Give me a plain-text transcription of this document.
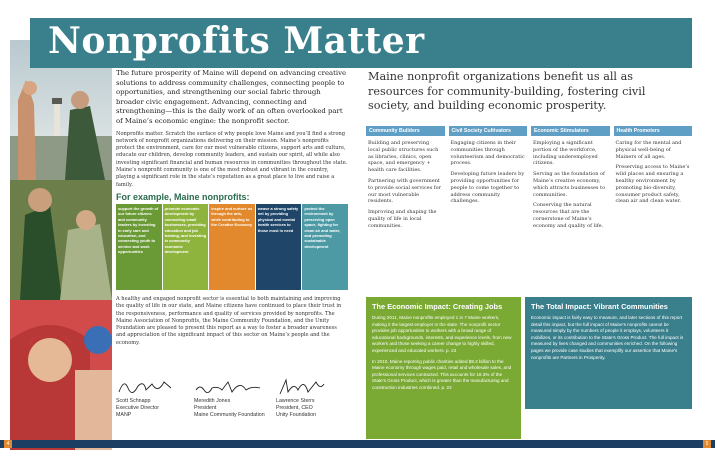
Nonprofits Matter

The future prosperity of Maine will depend on advancing creative solutions to address community challenges, connecting people to opportunities, and strengthening our social fabric through broader civic engagement. Advancing, connecting and strengthening—this is the daily work of an often overlooked part of Maine’s economic engine: the nonprofit sector.

Nonprofits matter. Scratch the surface of why people love Maine and you’ll find a strong network of nonprofit organizations delivering on their mission. Maine’s nonprofits protect the environment, care for our most vulnerable citizens, support arts and culture, educate our children, develop community leaders, and sustain our spirit, all while also investing significant financial and human resources in communities throughout the state. Maine’s nonprofit community is one of the most robust and vibrant in the country, playing a significant role in the state’s reputation as a great place to live and raise a family.

For example, Maine nonprofits:
support the growth of our future citizens and community leaders by investing in early care and education, and connecting youth to service and work opportunities
promote economic development by connecting small businesses, providing education and job training, and investing in community economic development
inspire and nurture us through the arts, while contributing to the Creative Economy
weave a strong safety net by providing physical and mental health services to those most in need
protect the environment by preserving open space, fighting for clean air and water, and promoting sustainable development

A healthy and engaged nonprofit sector is essential to both maintaining and improving the quality of life in our state, and Maine citizens have continued to place their trust in the responsiveness, performance and quality of services provided by nonprofits. The Maine Association of Nonprofits, the Maine Community Foundation, and the Unity Foundation are pleased to present this report as a way to foster a broader awareness and appreciation of the significant impact of this sector on Maine’s people and the economy.

Scott Schnapp
Executive Director
MANP
Meredith Jones
President
Maine Community Foundation
Lawrence Sterrs
President, CEO
Unity Foundation
Maine nonprofit organizations benefit us all as resources for community-building, fostering civil society, and building economic prosperity.
Community Builders

Building and preserving local public structures such as libraries, clinics, open space, and emergency + health care facilities.

Partnering with government to provide social services for our most vulnerable residents.

Improving and shaping the quality of life in local communities.

Civil Society Cultivators

Engaging citizens in their communities through volunteerism and democratic process.

Developing future leaders by providing opportunities for people to come together to address community challenges.

Economic Stimulators

Employing a significant portion of the workforce, including underemployed citizens.

Serving as the foundation of Maine’s creative economy, which attracts businesses to communities.

Conserving the natural resources that are the cornerstone of Maine’s economy and quality of life.

Health Promoters

Caring for the mental and physical well-being of Mainers of all ages.

Preserving access to Maine’s wild places and ensuring a healthy environment by promoting bio-diversity, consumer product safety, clean air and clean water.

The Economic Impact: Creating Jobs

During 2011, Maine nonprofits employed 1 in 7 Maine workers, making it the largest employer in the state. The nonprofit sector provides job opportunities to workers with a broad range of educational backgrounds, interests, and experience levels, from new workers and those seeking a career change to highly skilled, experienced and educated workers. p. 23

In 2010, Maine reporting public charities added $9.3 billion to the Maine economy through wages paid, retail and wholesale sales, and professional services contracted. This accounts for 18.3% of the State’s Gross Product, which is greater than the manufacturing and construction industries combined. p. 22

The Total Impact: Vibrant Communities

Economic impact is fairly easy to measure, and later sections of this report detail this impact, but the full impact of Maine’s nonprofits cannot be measured simply by the numbers of people it employs, volunteers it mobilizes, or its contribution to the State’s Gross Product. The full impact is measured by lives changed and communities enriched. On the following pages we provide case studies that exemplify our assertion that Maine’s nonprofits are Partners in Prosperity.

4	5
